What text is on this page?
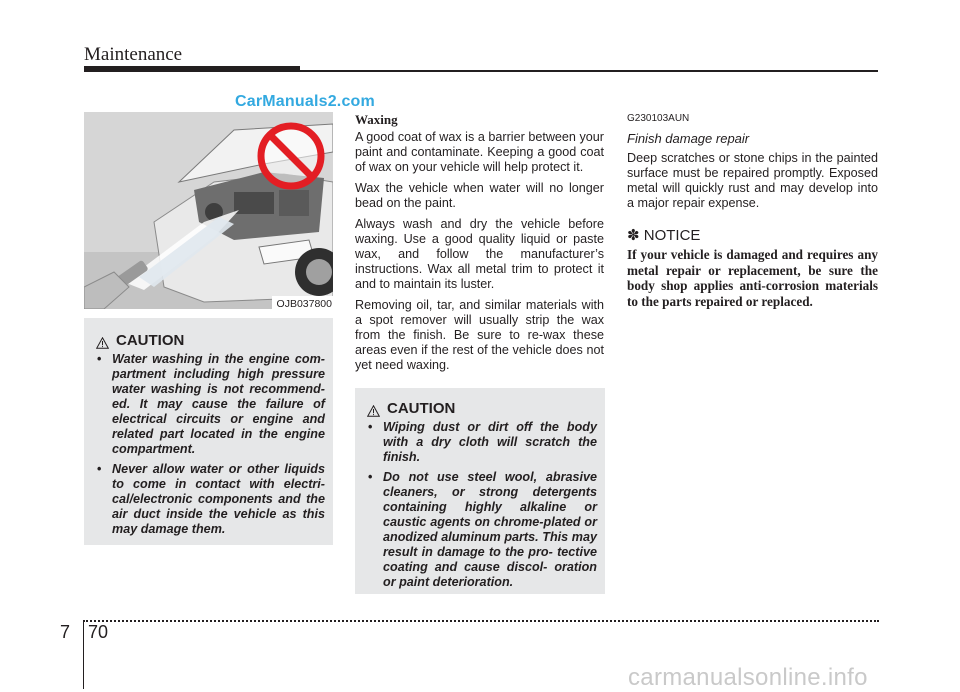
Maintenance
CarManuals2.com
OJB037800
CAUTION
• Water washing in the engine com- partment including high pressure water washing is not recommend- ed. It may cause the failure of electrical circuits or engine and related part located in the engine compartment.
• Never allow water or other liquids to come in contact with electri- cal/electronic components and the air duct inside the vehicle as this may damage them.
Waxing

A good coat of wax is a barrier between your paint and contaminate. Keeping a good coat of wax on your vehicle will help protect it.

Wax the vehicle when water will no longer bead on the paint.

Always wash and dry the vehicle before waxing. Use a good quality liquid or paste wax, and follow the manufacturer’s instructions. Wax all metal trim to protect it and to maintain its luster.

Removing oil, tar, and similar materials with a spot remover will usually strip the wax from the finish. Be sure to re-wax these areas even if the rest of the vehicle does not yet need waxing.

CAUTION
• Wiping dust or dirt off the body with a dry cloth will scratch the finish.
• Do not use steel wool, abrasive cleaners, or strong detergents containing highly alkaline or caustic agents on chrome-plated or anodized aluminum parts. This may result in damage to the pro- tective coating and cause discol- oration or paint deterioration.
G230103AUN
Finish damage repair

Deep scratches or stone chips in the painted surface must be repaired promptly. Exposed metal will quickly rust and may develop into a major repair expense.

✽ NOTICE

If your vehicle is damaged and requires any metal repair or replacement, be sure the body shop applies anti-corrosion materials to the parts repaired or replaced.

7 70
carmanualsonline.info
